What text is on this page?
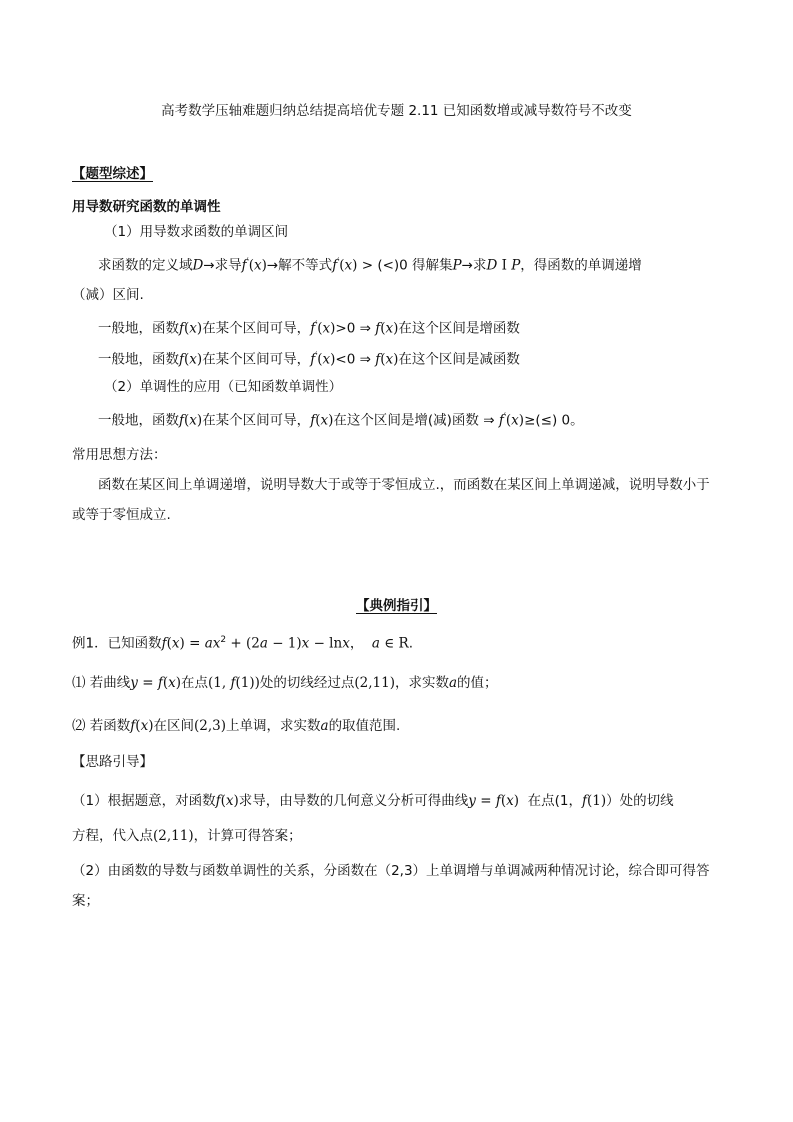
高考数学压轴难题归纳总结提高培优专题 2.11 已知函数增或减导数符号不改变
【题型综述】
用导数研究函数的单调性
（1）用导数求函数的单调区间
求函数的定义域D→求导f′(x)→解不等式f′(x) > (<)0 得解集P→求D I P，得函数的单调递增
（减）区间.
一般地，函数f(x)在某个区间可导，f′(x)>0 ⇒ f(x)在这个区间是增函数
一般地，函数f(x)在某个区间可导，f′(x)<0 ⇒ f(x)在这个区间是减函数
（2）单调性的应用（已知函数单调性）
一般地，函数f(x)在某个区间可导，f(x)在这个区间是增(减)函数 ⇒ f′(x)≥(≤) 0。
常用思想方法：
函数在某区间上单调递增，说明导数大于或等于零恒成立.，而函数在某区间上单调递减，说明导数小于或等于零恒成立.
【典例指引】
例1．已知函数$f(x) = ax^2 + (2a - 1)x - \ln x$， a ∈ R.
⑴ 若曲线y = f(x)在点(1, f(1))处的切线经过点(2,11)，求实数a的值；
⑵ 若函数f(x)在区间(2,3)上单调，求实数a的取值范围.
【思路引导】
（1）根据题意，对函数f(x)求导，由导数的几何意义分析可得曲线y = f(x) 在点(1，f(1)）处的切线
方程，代入点(2,11)，计算可得答案；
（2）由函数的导数与函数单调性的关系，分函数在（2,3）上单调增与单调减两种情况讨论，综合即可得答案；
